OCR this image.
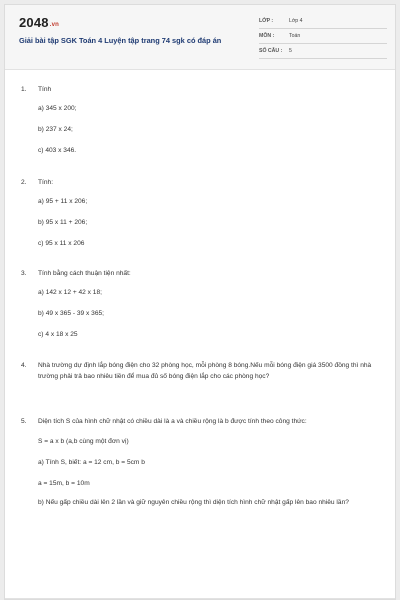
2048.vn
Giải bài tập SGK Toán 4 Luyện tập trang 74 sgk có đáp án
LỚP :	Lớp 4
MÔN :	Toán
SỐ CÂU : 5
1. Tính
a) 345 x 200;
b) 237 x 24;
c) 403 x 346.
2. Tính:
a) 95 + 11 x 206;
b) 95 x 11 + 206;
c) 95 x 11 x 206
3. Tính bằng cách thuận tiện nhất:
a) 142 x 12 + 42 x 18;
b) 49 x 365 - 39 x 365;
c) 4 x 18 x 25
4. Nhà trường dự định lắp bóng điện cho 32 phòng học, mỗi phòng 8 bóng.Nếu mỗi bóng điện giá 3500 đồng thì nhà trường phải trả bao nhiêu tiền để mua đủ số bóng điện lắp cho các phòng học?
5. Diện tích S của hình chữ nhật có chiều dài là a và chiều rộng là b được tính theo công thức:
S = a x b (a,b cùng một đơn vị)
a) Tính S, biết: a = 12 cm, b = 5cm b
a = 15m, b = 10m
b) Nếu gấp chiều dài lên 2 lần và giữ nguyên chiều rộng thì diện tích hình chữ nhật gấp lên bao nhiêu lần?
